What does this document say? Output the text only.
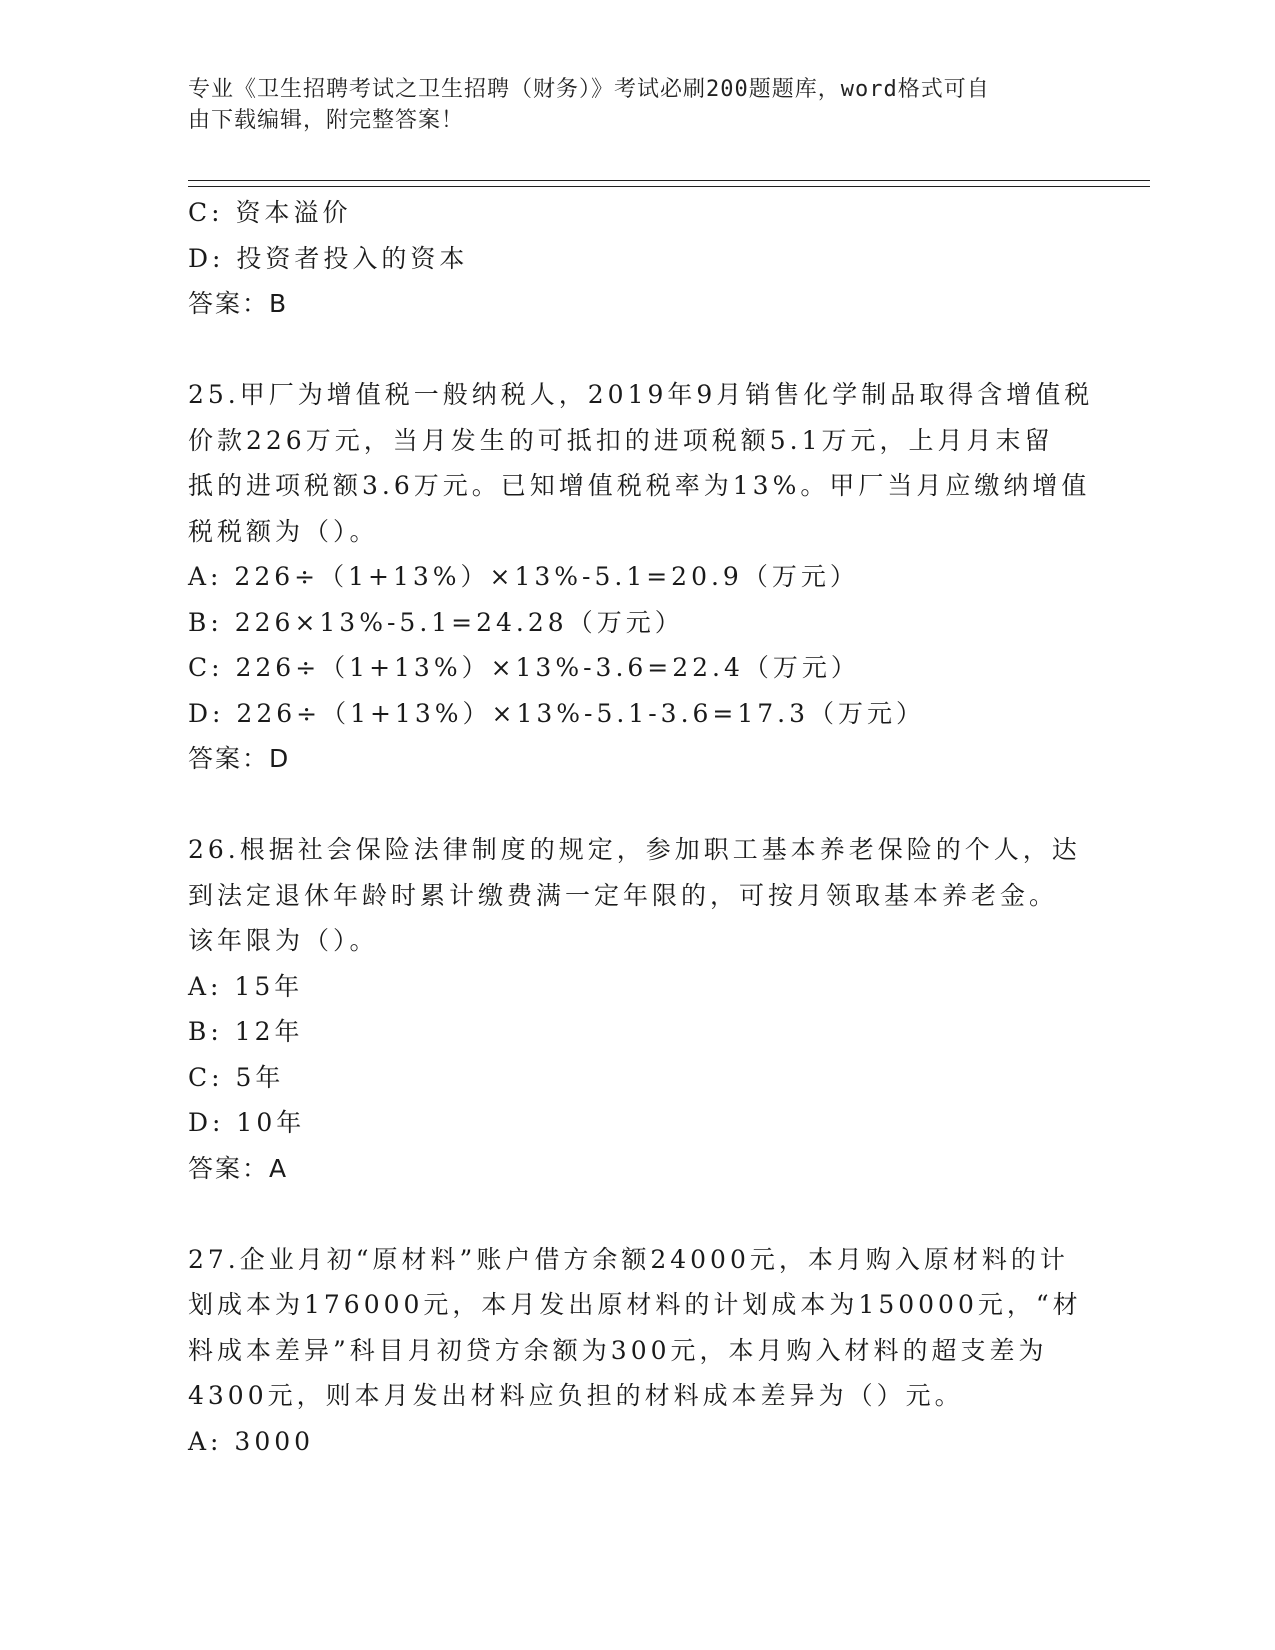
专业《卫生招聘考试之卫生招聘（财务）》考试必刷200题题库，word格式可自
由下载编辑，附完整答案！
C: 资本溢价
D: 投资者投入的资本
答案：B
25.甲厂为增值税一般纳税人，2019年9月销售化学制品取得含增值税
价款226万元，当月发生的可抵扣的进项税额5.1万元，上月月末留
抵的进项税额3.6万元。已知增值税税率为13%。甲厂当月应缴纳增值
税税额为（）。
A: 226÷（1+13%）×13%-5.1=20.9（万元）
B: 226×13%-5.1=24.28（万元）
C: 226÷（1+13%）×13%-3.6=22.4（万元）
D: 226÷（1+13%）×13%-5.1-3.6=17.3（万元）
答案：D
26.根据社会保险法律制度的规定，参加职工基本养老保险的个人，达
到法定退休年龄时累计缴费满一定年限的，可按月领取基本养老金。
该年限为（）。
A: 15年
B: 12年
C: 5年
D: 10年
答案：A
27.企业月初“原材料”账户借方余额24000元，本月购入原材料的计
划成本为176000元，本月发出原材料的计划成本为150000元，“材
料成本差异”科目月初贷方余额为300元，本月购入材料的超支差为
4300元，则本月发出材料应负担的材料成本差异为（）元。
A: 3000
